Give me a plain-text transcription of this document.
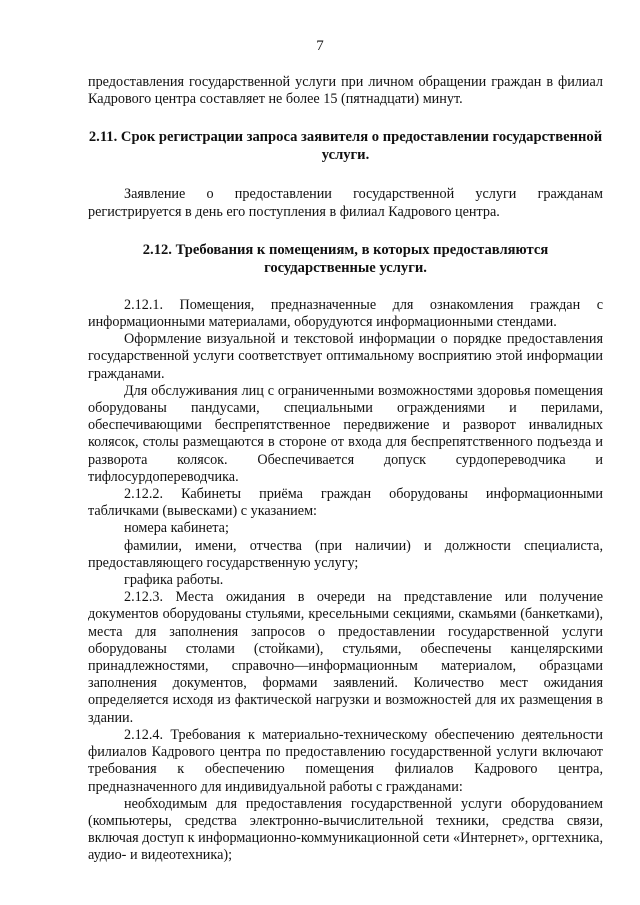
7

предоставления государственной услуги при личном обращении граждан в филиал Кадрового центра составляет не более 15 (пятнадцати) минут.

2.11. Срок регистрации запроса заявителя о предоставлении государственной услуги.

Заявление о предоставлении государственной услуги гражданам регистрируется в день его поступления в филиал Кадрового центра.

2.12. Требования к помещениям, в которых предоставляются государственные услуги.

2.12.1. Помещения, предназначенные для ознакомления граждан с информационными материалами, оборудуются информационными стендами.

Оформление визуальной и текстовой информации о порядке предоставления государственной услуги соответствует оптимальному восприятию этой информации гражданами.

Для обслуживания лиц с ограниченными возможностями здоровья помещения оборудованы пандусами, специальными ограждениями и перилами, обеспечивающими беспрепятственное передвижение и разворот инвалидных колясок, столы размещаются в стороне от входа для беспрепятственного подъезда и разворота колясок. Обеспечивается допуск сурдопереводчика и тифлосурдопереводчика.

2.12.2. Кабинеты приёма граждан оборудованы информационными табличками (вывесками) с указанием:

номера кабинета;

фамилии, имени, отчества (при наличии) и должности специалиста, предоставляющего государственную услугу;

графика работы.

2.12.3. Места ожидания в очереди на представление или получение документов оборудованы стульями, кресельными секциями, скамьями (банкетками), места для заполнения запросов о предоставлении государственной услуги оборудованы столами (стойками), стульями, обеспечены канцелярскими принадлежностями, справочно—информационным материалом, образцами заполнения документов, формами заявлений. Количество мест ожидания определяется исходя из фактической нагрузки и возможностей для их размещения в здании.

2.12.4. Требования к материально-техническому обеспечению деятельности филиалов Кадрового центра по предоставлению государственной услуги включают требования к обеспечению помещения филиалов Кадрового центра, предназначенного для индивидуальной работы с гражданами:

необходимым для предоставления государственной услуги оборудованием (компьютеры, средства электронно-вычислительной техники, средства связи, включая доступ к информационно-коммуникационной сети «Интернет», оргтехника, аудио- и видеотехника);
